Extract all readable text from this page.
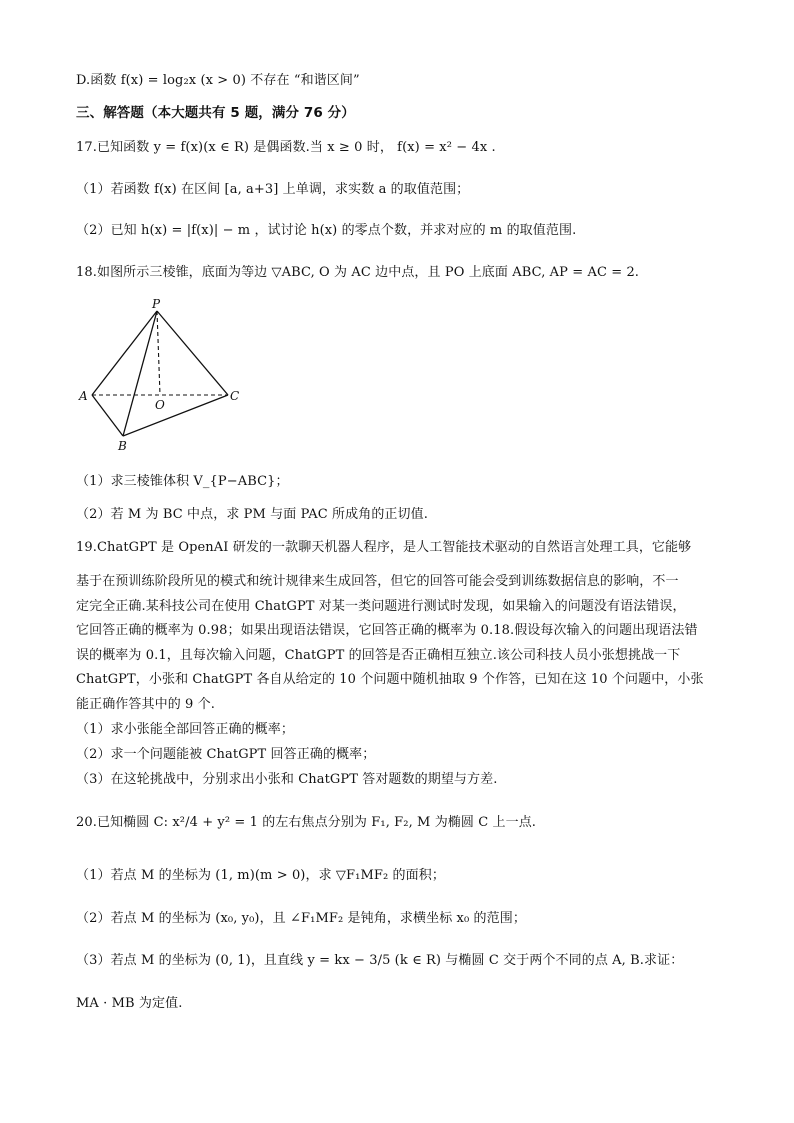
D.函数 f(x) = log₂x (x > 0) 不存在 “和谐区间”
三、解答题（本大题共有 5 题，满分 76 分）
17.已知函数 y = f(x)(x ∈ R) 是偶函数.当 x ≥ 0 时， f(x) = x² − 4x .
（1）若函数 f(x) 在区间 [a, a+3] 上单调，求实数 a 的取值范围；
（2）已知 h(x) = |f(x)| − m ，试讨论 h(x) 的零点个数，并求对应的 m 的取值范围.
18.如图所示三棱锥，底面为等边 ▽ABC, O 为 AC 边中点，且 PO 上底面 ABC, AP = AC = 2.
P
A
B
C
O
（1）求三棱锥体积 V_{P−ABC}；
（2）若 M 为 BC 中点，求 PM 与面 PAC 所成角的正切值.
19.ChatGPT 是 OpenAI 研发的一款聊天机器人程序，是人工智能技术驱动的自然语言处理工具，它能够
基于在预训练阶段所见的模式和统计规律来生成回答，但它的回答可能会受到训练数据信息的影响，不一
定完全正确.某科技公司在使用 ChatGPT 对某一类问题进行测试时发现，如果输入的问题没有语法错误，
它回答正确的概率为 0.98；如果出现语法错误，它回答正确的概率为 0.18.假设每次输入的问题出现语法错
误的概率为 0.1，且每次输入问题，ChatGPT 的回答是否正确相互独立.该公司科技人员小张想挑战一下
ChatGPT，小张和 ChatGPT 各自从给定的 10 个问题中随机抽取 9 个作答，已知在这 10 个问题中，小张
能正确作答其中的 9 个.
（1）求小张能全部回答正确的概率；
（2）求一个问题能被 ChatGPT 回答正确的概率；
（3）在这轮挑战中，分别求出小张和 ChatGPT 答对题数的期望与方差.
20.已知椭圆 C: x²/4 + y² = 1 的左右焦点分别为 F₁, F₂, M 为椭圆 C 上一点.
（1）若点 M 的坐标为 (1, m)(m > 0)，求 ▽F₁MF₂ 的面积；
（2）若点 M 的坐标为 (x₀, y₀)，且 ∠F₁MF₂ 是钝角，求横坐标 x₀ 的范围；
（3）若点 M 的坐标为 (0, 1)，且直线 y = kx − 3/5 (k ∈ R) 与椭圆 C 交于两个不同的点 A, B.求证：
MA · MB 为定值.
